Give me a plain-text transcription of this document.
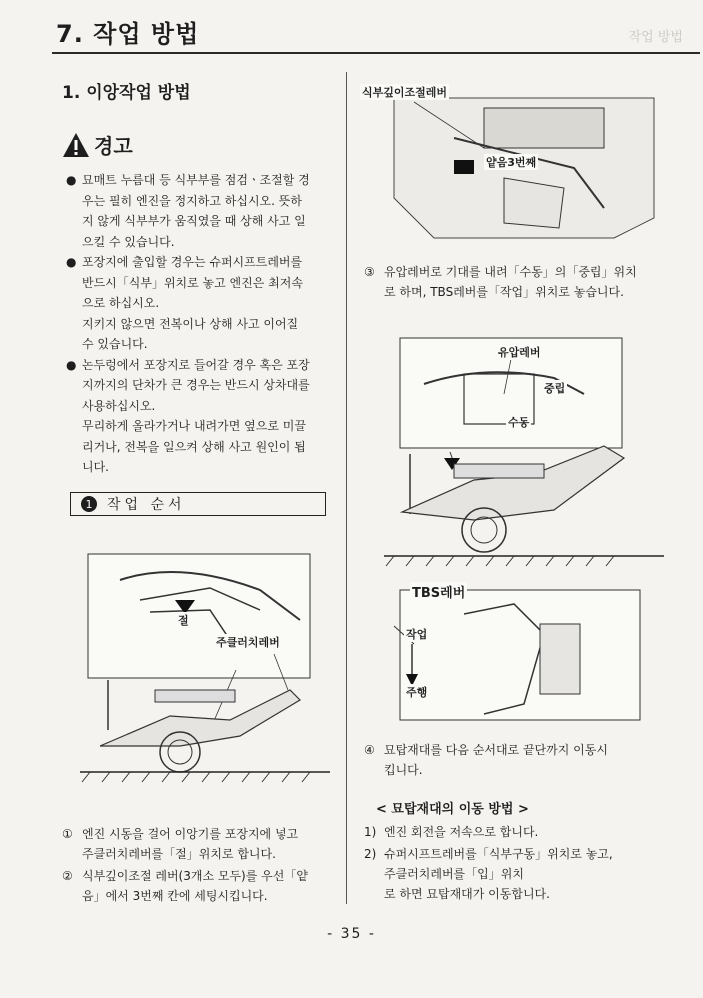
7. 작업 방법	작업 방법
1. 이앙작업 방법
경고
● 묘매트 누름대 등 식부부를 점검ㆍ조절할 경
우는 필히 엔진을 정지하고 하십시오. 뜻하
지 않게 식부부가 움직였을 때 상해 사고 일
으킬 수 있습니다.
● 포장지에 출입할 경우는 슈퍼시프트레버를
반드시「식부」위치로 놓고 엔진은 최저속
으로 하십시오.
지키지 않으면 전복이나 상해 사고 이어질
수 있습니다.
● 논두렁에서 포장지로 들어갈 경우 혹은 포장
지까지의 단차가 큰 경우는 반드시 상차대를
사용하십시오.
무리하게 올라가거나 내려가면 옆으로 미끌
리거나, 전복을 일으켜 상해 사고 원인이 됩
니다.
1	작업 순서
절
주클러치레버
① 엔진 시동을 걸어 이앙기를 포장지에 넣고
주클러치레버를「절」위치로 합니다.
② 식부깊이조절 레버(3개소 모두)를 우선「얕
음」에서 3번째 칸에 세팅시킵니다.
식부깊이조절레버
얕음3번째
③ 유압레버로 기대를 내려「수동」의「중립」위치
로 하며, TBS레버를「작업」위치로 놓습니다.
유압레버
중립
수동
TBS레버
작업
주행
④ 묘탑재대를 다음 순서대로 끝단까지 이동시
킵니다.
< 묘탑재대의 이동 방법 >
1) 엔진 회전을 저속으로 합니다.
2) 슈퍼시프트레버를「식부구동」위치로 놓고,
주클러치레버를「입」위치
로 하면 묘탑재대가 이동합니다.
- 35 -
